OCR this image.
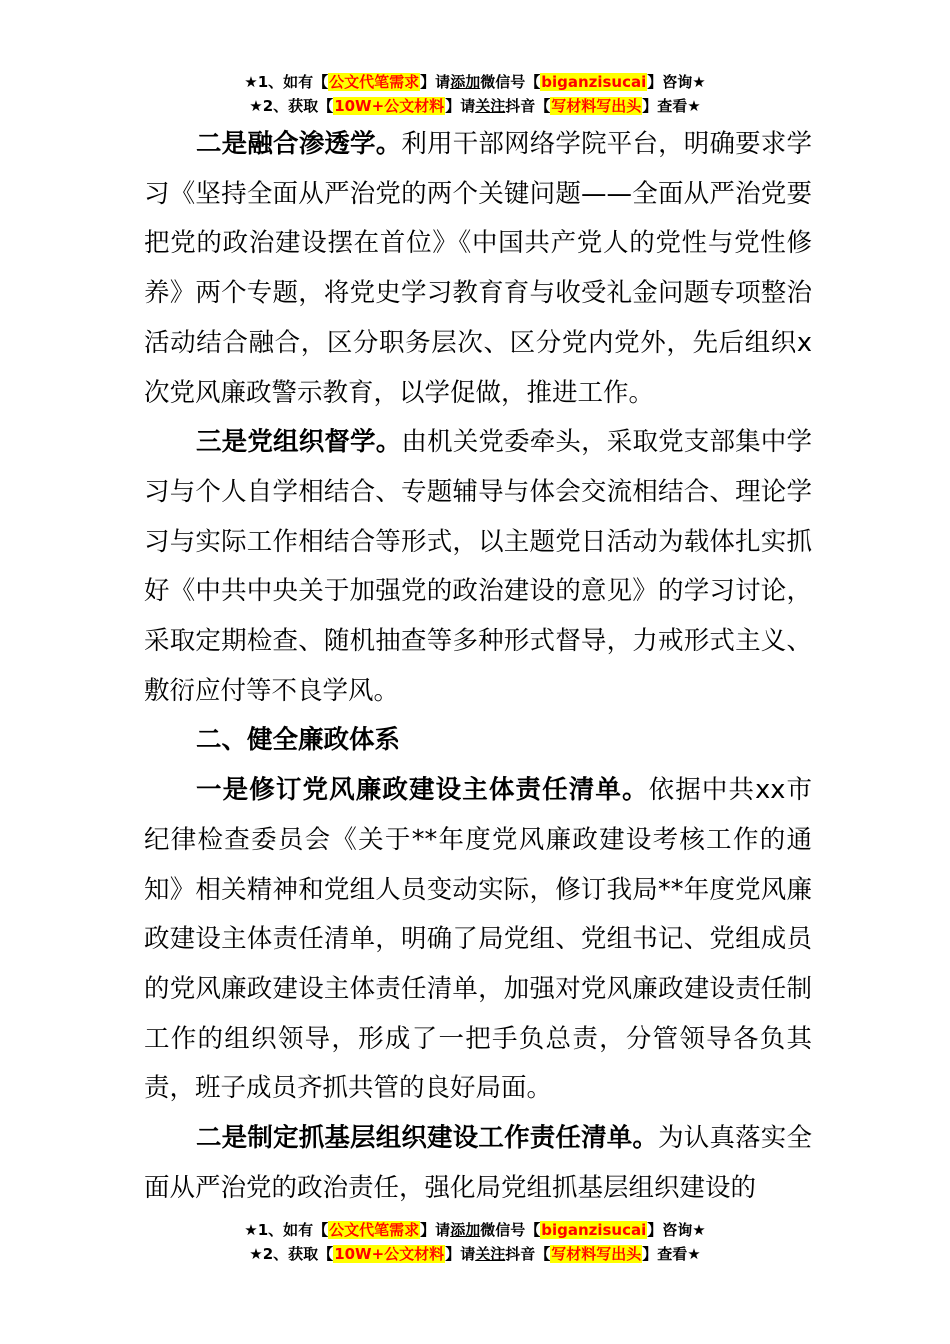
★1、如有【公文代笔需求】请添加微信号【biganzisucai】咨询★
★2、获取【10W+公文材料】请关注抖音【写材料写出头】查看★

二是融合渗透学。利用干部网络学院平台，明确要求学习《坚持全面从严治党的两个关键问题——全面从严治党要把党的政治建设摆在首位》《中国共产党人的党性与党性修养》两个专题，将党史学习教育育与收受礼金问题专项整治活动结合融合，区分职务层次、区分党内党外，先后组织x次党风廉政警示教育，以学促做，推进工作。

三是党组织督学。由机关党委牵头，采取党支部集中学习与个人自学相结合、专题辅导与体会交流相结合、理论学习与实际工作相结合等形式，以主题党日活动为载体扎实抓好《中共中央关于加强党的政治建设的意见》的学习讨论，采取定期检查、随机抽查等多种形式督导，力戒形式主义、敷衍应付等不良学风。

二、健全廉政体系

一是修订党风廉政建设主体责任清单。依据中共xx市纪律检查委员会《关于**年度党风廉政建设考核工作的通知》相关精神和党组人员变动实际，修订我局**年度党风廉政建设主体责任清单，明确了局党组、党组书记、党组成员的党风廉政建设主体责任清单，加强对党风廉政建设责任制工作的组织领导，形成了一把手负总责，分管领导各负其责，班子成员齐抓共管的良好局面。

二是制定抓基层组织建设工作责任清单。为认真落实全面从严治党的政治责任，强化局党组抓基层组织建设的

★1、如有【公文代笔需求】请添加微信号【biganzisucai】咨询★
★2、获取【10W+公文材料】请关注抖音【写材料写出头】查看★
